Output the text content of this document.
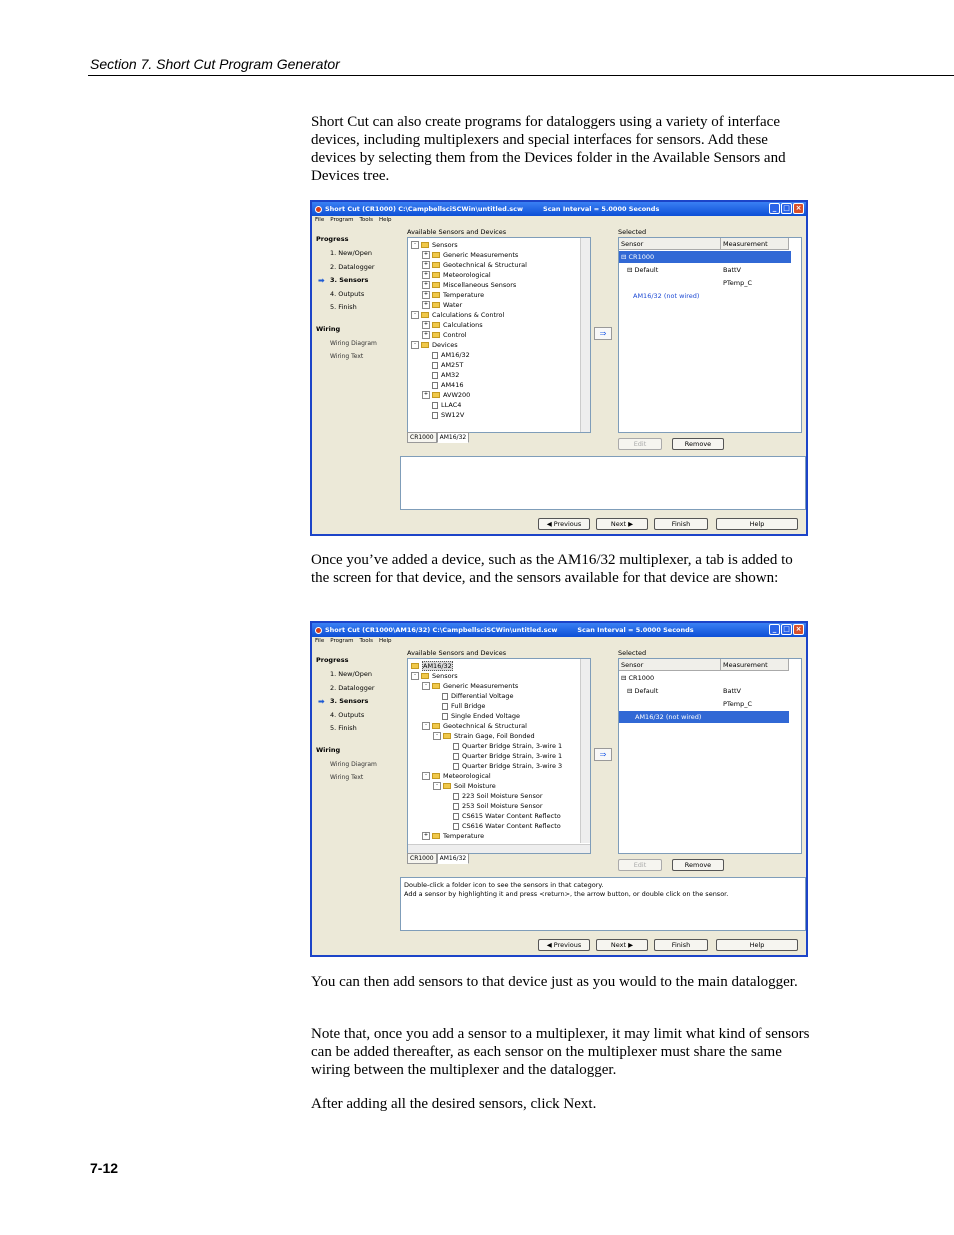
Section 7. Short Cut Program Generator
Short Cut can also create programs for dataloggers using a variety of interface devices, including multiplexers and special interfaces for sensors. Add these devices by selecting them from the Devices folder in the Available Sensors and Devices tree.
Short Cut (CR1000) C:\CampbellsciSCWin\untitled.scw	Scan Interval = 5.0000 Seconds	_ □ ×
File Program Tools Help
Progress
1. New/Open
2. Datalogger
➡ 3. Sensors
4. Outputs
5. Finish
Wiring
Wiring Diagram
Wiring Text
Available Sensors and Devices	Selected
- Sensors
+ Generic Measurements
+ Geotechnical & Structural
+ Meteorological
+ Miscellaneous Sensors
+ Temperature
+ Water
- Calculations & Control
+ Calculations
+ Control
- Devices
AM16/32
AM25T
AM32
AM416
+ AVW200
LLAC4
SW12V
CR1000	AM16/32
⇒
Sensor	Measurement
⊟ CR1000
⊟ Default	BattV
PTemp_C
AM16/32 (not wired)
Edit	Remove
◀ Previous	Next ▶	Finish	Help
Once you’ve added a device, such as the AM16/32 multiplexer, a tab is added to the screen for that device, and the sensors available for that device are shown:
Short Cut (CR1000\AM16/32) C:\CampbellsciSCWin\untitled.scw	Scan Interval = 5.0000 Seconds	_ □ ×
File Program Tools Help
Progress
1. New/Open
2. Datalogger
➡ 3. Sensors
4. Outputs
5. Finish
Wiring
Wiring Diagram
Wiring Text
Available Sensors and Devices	Selected
AM16/32
- Sensors
- Generic Measurements
Differential Voltage
Full Bridge
Single Ended Voltage
- Geotechnical & Structural
- Strain Gage, Foil Bonded
Quarter Bridge Strain, 3-wire 1
Quarter Bridge Strain, 3-wire 1
Quarter Bridge Strain, 3-wire 3
- Meteorological
- Soil Moisture
223 Soil Moisture Sensor
253 Soil Moisture Sensor
CS615 Water Content Reflecto
CS616 Water Content Reflecto
+ Temperature
CR1000	AM16/32
⇒
Sensor	Measurement
⊟ CR1000
⊟ Default	BattV
PTemp_C
AM16/32 (not wired)
Edit	Remove
Double-click a folder icon to see the sensors in that category.
Add a sensor by highlighting it and press <return>, the arrow button, or double click on the sensor.
◀ Previous	Next ▶	Finish	Help
You can then add sensors to that device just as you would to the main datalogger.
Note that, once you add a sensor to a multiplexer, it may limit what kind of sensors can be added thereafter, as each sensor on the multiplexer must share the same wiring between the multiplexer and the datalogger.
After adding all the desired sensors, click Next.
7-12
